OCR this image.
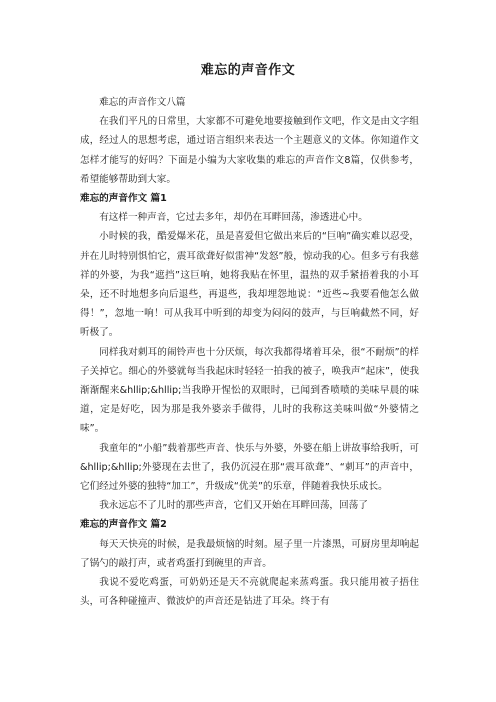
难忘的声音作文

难忘的声音作文八篇

在我们平凡的日常里，大家都不可避免地要接触到作文吧，作文是由文字组成，经过人的思想考虑，通过语言组织来表达一个主题意义的文体。你知道作文怎样才能写的好吗？下面是小编为大家收集的难忘的声音作文8篇，仅供参考，希望能够帮助到大家。

难忘的声音作文 篇1

有这样一种声音，它过去多年，却仍在耳畔回荡，渗透进心中。

小时候的我，酷爱爆米花，虽是喜爱但它做出来后的“巨响”确实难以忍受，并在儿时特别惧怕它，震耳欲聋好似雷神“发怒”般，惊动我的心。但多亏有我慈祥的外婆，为我“遮挡”这巨响，她将我贴在怀里，温热的双手紧捂着我的小耳朵，还不时地想多向后退些，再退些，我却埋怨地说：“近些~我要看他怎么做得！”，忽地一响！可从我耳中听到的却变为闷闷的鼓声，与巨响截然不同，好听极了。

同样我对刺耳的闹铃声也十分厌烦，每次我都得堵着耳朵，很“不耐烦”的样子关掉它。细心的外婆就每当我起床时轻轻一拍我的被子，唤我声“起床”，使我渐渐醒来&hllip;&hllip;当我睁开惺忪的双眼时，已闻到香喷喷的美味早晨的味道，定是好吃，因为那是我外婆亲手做得，儿时的我称这美味叫做“外婆情之味”。

我童年的“小船”载着那些声音、快乐与外婆，外婆在船上讲故事给我听，可&hllip;&hllip;外婆现在去世了，我仍沉浸在那“震耳欲聋”、“刺耳”的声音中，它们经过外婆的独特“加工”，升级成“优美”的乐章，伴随着我快乐成长。

我永远忘不了儿时的那些声音，它们又开始在耳畔回荡，回荡了

难忘的声音作文 篇2

每天天快亮的时候，是我最烦恼的时刻。屋子里一片漆黑，可厨房里却响起了锅勺的敲打声，或者鸡蛋打到碗里的声音。

我说不爱吃鸡蛋，可奶奶还是天不亮就爬起来蒸鸡蛋。我只能用被子捂住头，可各种碰撞声、微波炉的声音还是钻进了耳朵。终于有
